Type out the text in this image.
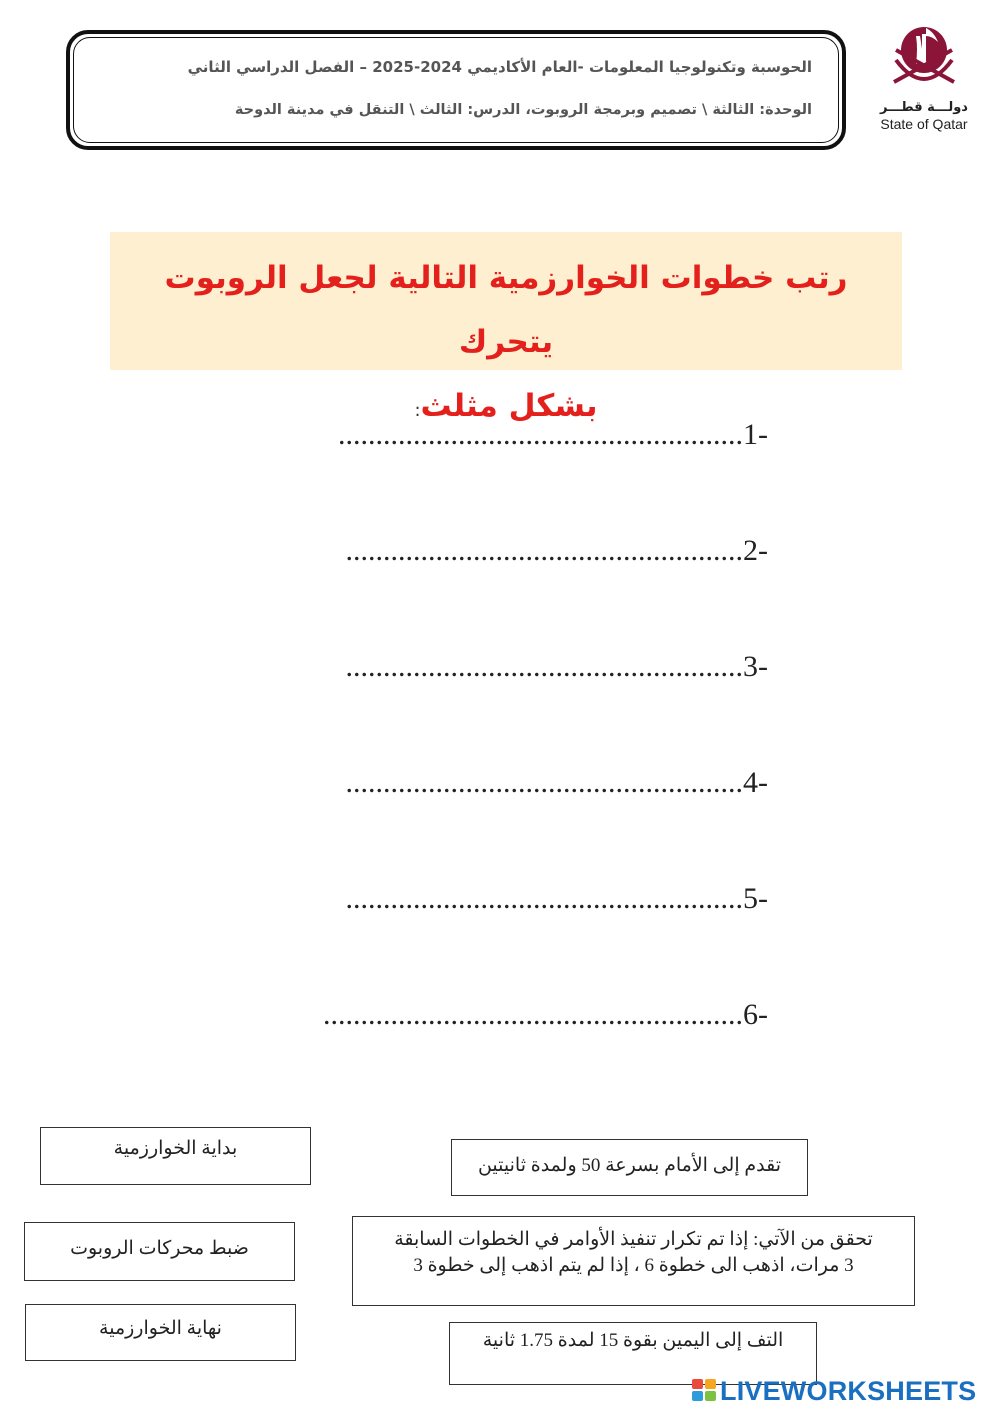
الحوسبة وتكنولوجيا المعلومات -العام الأكاديمي 2024-2025 – الفصل الدراسي الثاني
الوحدة: الثالثة \ تصميم وبرمجة الروبوت، الدرس: الثالث \ التنقل في مدينة الدوحة	دولـــة قطـــر
State of Qatar
رتب خطوات الخوارزمية التالية لجعل الروبوت يتحرك
بشكل مثلث:
-1......................................................
-2.....................................................
-3.....................................................
-4.....................................................
-5.....................................................
-6........................................................
بداية الخوارزمية
تقدم إلى الأمام بسرعة 50 ولمدة ثانيتين
ضبط محركات الروبوت	تحقق من الآتي: إذا تم تكرار تنفيذ الأوامر في الخطوات السابقة
3 مرات، اذهب الى خطوة 6 ، إذا لم يتم اذهب إلى خطوة 3
نهاية الخوارزمية
التف إلى اليمين بقوة 15 لمدة 1.75 ثانية
LIVEWORKSHEETS
